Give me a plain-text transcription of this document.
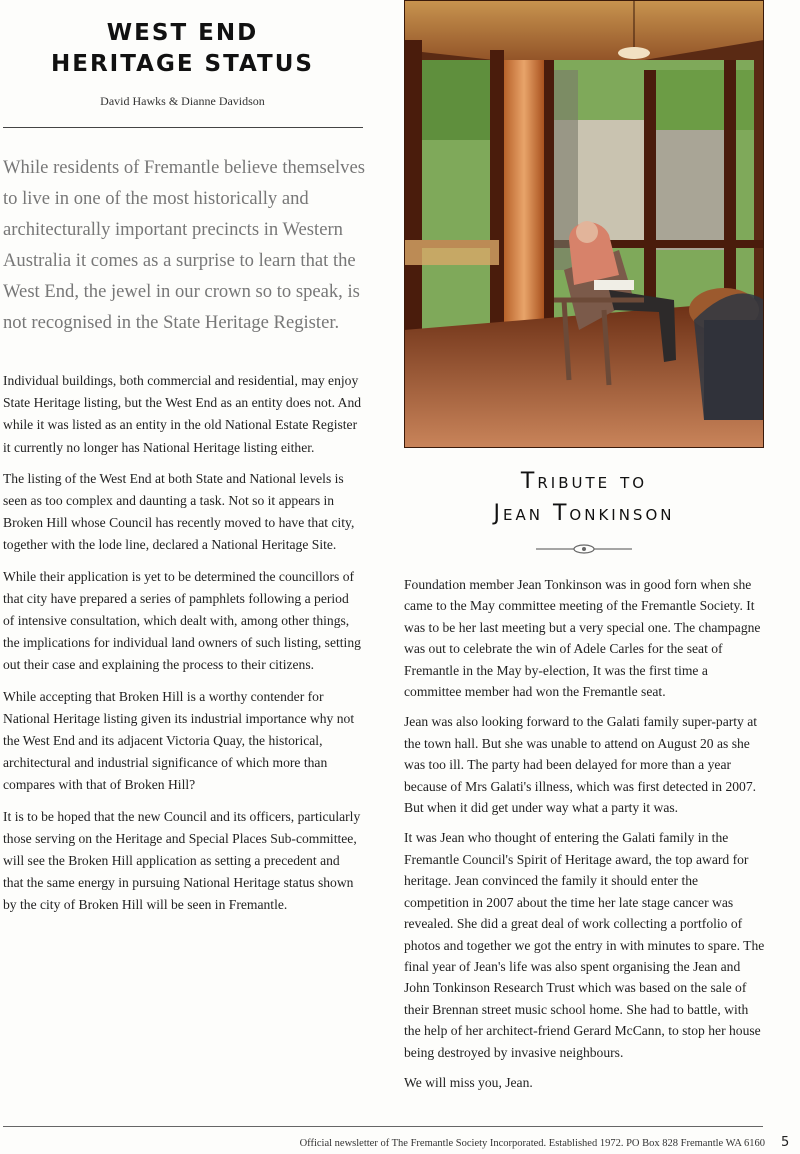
WEST END
HERITAGE STATUS
David Hawks & Dianne Davidson

While residents of Fremantle believe themselves to live in one of the most historically and architecturally important precincts in Western Australia it comes as a surprise to learn that the West End, the jewel in our crown so to speak, is not recognised in the State Heritage Register.

Individual buildings, both commercial and residential, may enjoy State Heritage listing, but the West End as an entity does not. And while it was listed as an entity in the old National Estate Register it currently no longer has National Heritage listing either.

The listing of the West End at both State and National levels is seen as too complex and daunting a task. Not so it appears in Broken Hill whose Council has recently moved to have that city, together with the lode line, declared a National Heritage Site.

While their application is yet to be determined the councillors of that city have prepared a series of pamphlets following a period of intensive consultation, which dealt with, among other things, the implications for individual land owners of such listing, setting out their case and explaining the process to their citizens.

While accepting that Broken Hill is a worthy contender for National Heritage listing given its industrial importance why not the West End and its adjacent Victoria Quay, the historical, architectural and industrial significance of which more than compares with that of Broken Hill?

It is to be hoped that the new Council and its officers, particularly those serving on the Heritage and Special Places Sub-committee, will see the Broken Hill application as setting a precedent and that the same energy in pursuing National Heritage status shown by the city of Broken Hill will be seen in Fremantle.

Tribute to
Jean Tonkinson

Foundation member Jean Tonkinson was in good forn when she came to the May committee meeting of the Fremantle Society. It was to be her last meeting but a very special one. The champagne was out to celebrate the win of Adele Carles for the seat of Fremantle in the May by-election, It was the first time a committee member had won the Fremantle seat.

Jean was also looking forward to the Galati family super-party at the town hall. But she was unable to attend on August 20 as she was too ill. The party had been delayed for more than a year because of Mrs Galati's illness, which was first detected in 2007. But when it did get under way what a party it was.

It was Jean who thought of entering the Galati family in the Fremantle Council's Spirit of Heritage award, the top award for heritage. Jean convinced the family it should enter the competition in 2007 about the time her late stage cancer was revealed. She did a great deal of work collecting a portfolio of photos and together we got the entry in with minutes to spare. The final year of Jean's life was also spent organising the Jean and John Tonkinson Research Trust which was based on the sale of their Brennan street music school home. She had to battle, with the help of her architect-friend Gerard McCann, to stop her house being destroyed by invasive neighbours.

We will miss you, Jean.

Official newsletter of The Fremantle Society Incorporated. Established 1972. PO Box 828 Fremantle WA 6160 5
